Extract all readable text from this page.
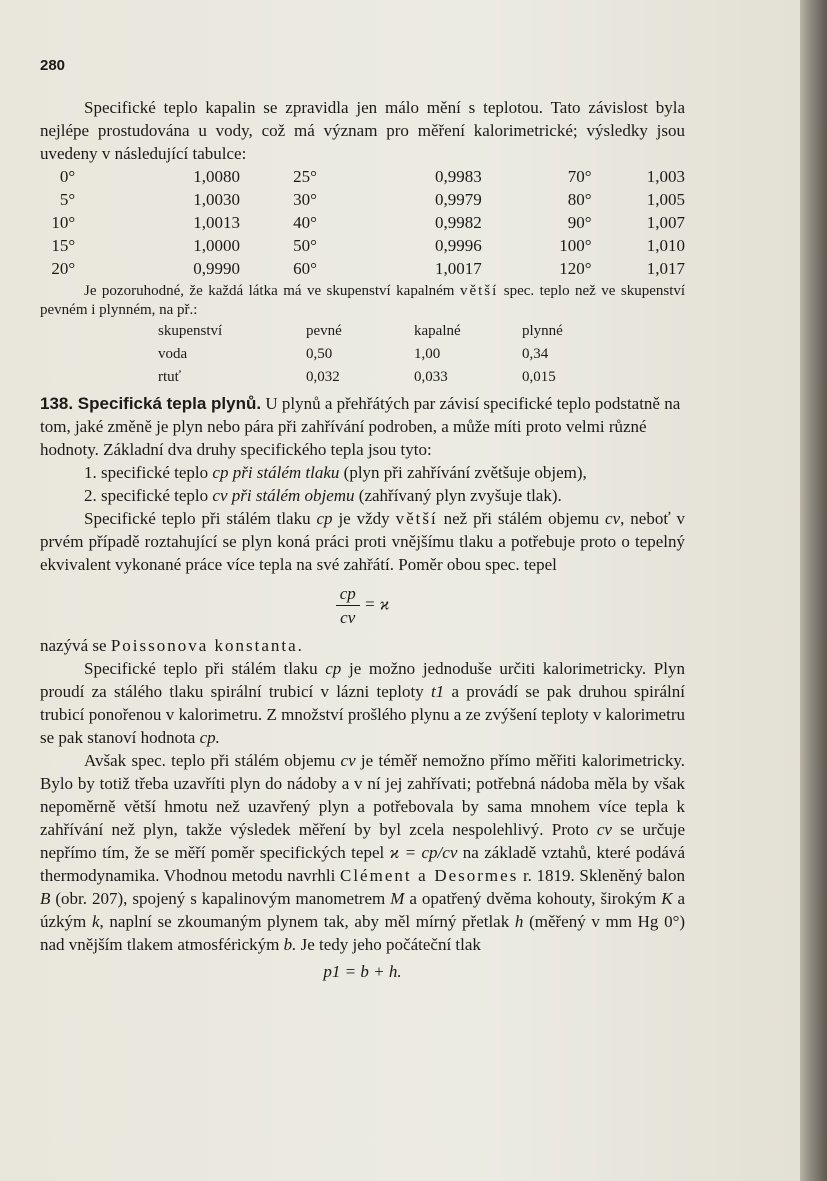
280

Specifické teplo kapalin se zpravidla jen málo mění s teplotou. Tato závislost byla nejlépe prostudována u vody, což má význam pro měření kalorimetrické; výsledky jsou uvedeny v následující tabulce:

0°	1,0080	25°	0,9983	70°	1,003
5°	1,0030	30°	0,9979	80°	1,005
10°	1,0013	40°	0,9982	90°	1,007
15°	1,0000	50°	0,9996	100°	1,010
20°	0,9990	60°	1,0017	120°	1,017

Je pozoruhodné, že každá látka má ve skupenství kapalném větší spec. teplo než ve skupenství pevném i plynném, na př.:

skupenství	pevné	kapalné	plynné
voda	0,50	1,00	0,34
rtuť	0,032	0,033	0,015

138. Specifická tepla plynů. U plynů a přehřátých par závisí specifické teplo podstatně na tom, jaké změně je plyn nebo pára při zahřívání podroben, a může míti proto velmi různé hodnoty. Základní dva druhy specifického tepla jsou tyto:

1. specifické teplo cp při stálém tlaku (plyn při zahřívání zvětšuje objem),

2. specifické teplo cv při stálém objemu (zahřívaný plyn zvyšuje tlak).

Specifické teplo při stálém tlaku cp je vždy větší než při stálém objemu cv, neboť v prvém případě roztahující se plyn koná práci proti vnějšímu tlaku a potřebuje proto o tepelný ekvivalent vykonané práce více tepla na své zahřátí. Poměr obou spec. tepel

$\frac{cp}{cv} = ϰ$

nazývá se Poissonova konstanta.

Specifické teplo při stálém tlaku cp je možno jednoduše určiti kalorimetricky. Plyn proudí za stálého tlaku spirální trubicí v lázni teploty t1 a provádí se pak druhou spirální trubicí ponořenou v kalorimetru. Z množství prošlého plynu a ze zvýšení teploty v kalorimetru se pak stanoví hodnota cp.

Avšak spec. teplo při stálém objemu cv je téměř nemožno přímo měřiti kalorimetricky. Bylo by totiž třeba uzavříti plyn do nádoby a v ní jej zahřívati; potřebná nádoba měla by však nepoměrně větší hmotu než uzavřený plyn a potřebovala by sama mnohem více tepla k zahřívání než plyn, takže výsledek měření by byl zcela nespolehlivý. Proto cv se určuje nepřímo tím, že se měří poměr specifických tepel ϰ = cp/cv na základě vztahů, které podává thermodynamika. Vhodnou metodu navrhli Clément a Desormes r. 1819. Skleněný balon B (obr. 207), spojený s kapalinovým manometrem M a opatřený dvěma kohouty, širokým K a úzkým k, naplní se zkoumaným plynem tak, aby měl mírný přetlak h (měřený v mm Hg 0°) nad vnějším tlakem atmosférickým b. Je tedy jeho počáteční tlak

p1 = b + h.
